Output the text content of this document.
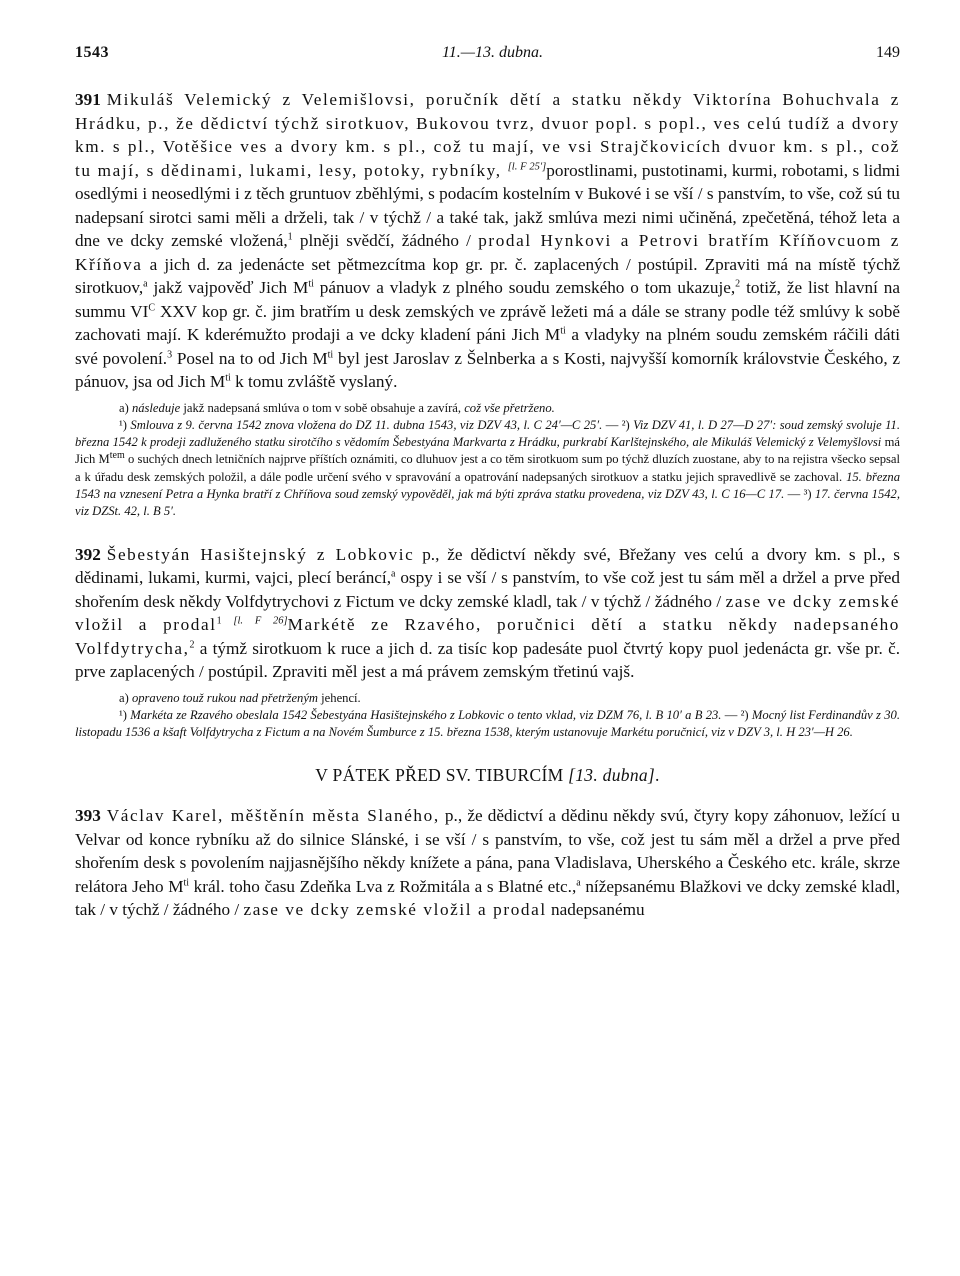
1543	11.—13. dubna.	149

391 Mikuláš Velemický z Velemišlovsi, poručník dětí a statku někdy Viktorína Bohuchvala z Hrádku, p., že dědictví týchž sirotkuov, Bukovou tvrz, dvuor popl. s popl., ves celú tudíž a dvory km. s pl., Votěšice ves a dvory km. s pl., což tu mají, ve vsi Strajčkovicích dvuor km. s pl., což tu mají, s dědinami, lukami, lesy, potoky, rybníky, [l. F 25′]porostlinami, pustotinami, kurmi, robotami, s lidmi osedlými i neosedlými i z těch gruntuov zběhlými, s podacím kostelním v Bukové i se vší / s panstvím, to vše, což sú tu nadepsaní sirotci sami měli a drželi, tak / v týchž / a také tak, jakž smlúva mezi nimi učiněná, zpečetěná, téhož leta a dne ve dcky zemské vložená,$^1$ plněji svědčí, žádného / prodal Hynkovi a Petrovi bratřím Kříňovcuom z Kříňova a jich d. za jedenácte set pětmezcítma kop gr. pr. č. zaplacených / postúpil. Zpraviti má na místě týchž sirotkuov,$^a$ jakž vajpověď Jich $M^{ti}$ pánuov a vladyk z plného soudu zemského o tom ukazuje,$^2$ totiž, že list hlavní na summu $VI^C$ XXV kop gr. č. jim bratřím u desk zemských ve zprávě ležeti má a dále se strany podle též smlúvy k sobě zachovati mají. K kderémužto prodaji a ve dcky kladení páni Jich $M^{ti}$ a vladyky na plném soudu zemském ráčili dáti své povolení.$^3$ Posel na to od Jich $M^{ti}$ byl jest Jaroslav z Šelnberka a s Kosti, najvyšší komorník královstvie Českého, z pánuov, jsa od Jich $M^{ti}$ k tomu zvláště vyslaný.

a) následuje jakž nadepsaná smlúva o tom v sobě obsahuje a zavírá, což vše přetrženo.

¹) Smlouva z 9. června 1542 znova vložena do DZ 11. dubna 1543, viz DZV 43, l. C 24′—C 25′. — ²) Viz DZV 41, l. D 27—D 27′: soud zemský svoluje 11. března 1542 k prodeji zadluženého statku sirotčího s vědomím Šebestyána Markvarta z Hrádku, purkrabí Karlštejnského, ale Mikuláš Velemický z Velemyšlovsi má Jich $M^{tem}$ o suchých dnech letničních najprve příštích oznámiti, co dluhuov jest a co těm sirotkuom sum po týchž dluzích zuostane, aby to na rejistra všecko sepsal a k úřadu desk zemských položil, a dále podle určení svého v spravování a opatrování nadepsaných sirotkuov a statku jejich spravedlivě se zachoval. 15. března 1543 na vznesení Petra a Hynka bratří z Chříňova soud zemský vypověděl, jak má býti zpráva statku provedena, viz DZV 43, l. C 16—C 17. — ³) 17. června 1542, viz DZSt. 42, l. B 5′.

392 Šebestyán Hasištejnský z Lobkovic p., že dědictví někdy své, Břežany ves celú a dvory km. s pl., s dědinami, lukami, kurmi, vajci, plecí beráncí,$^a$ ospy i se vší / s panstvím, to vše což jest tu sám měl a držel a prve před shořením desk někdy Volfdytrychovi z Fictum ve dcky zemské kladl, tak / v týchž / žádného / zase ve dcky zemské vložil a prodal$^1$ [l. F 26]Markétě ze Rzavého, poručnici dětí a statku někdy nadepsaného Volfdytrycha,$^2$ a týmž sirotkuom k ruce a jich d. za tisíc kop padesáte puol čtvrtý kopy puol jedenácta gr. vše pr. č. prve zaplacených / postúpil. Zpraviti měl jest a má právem zemským třetinú vajš.

a) opraveno touž rukou nad přetrženým jehencí.

¹) Markéta ze Rzavého obeslala 1542 Šebestyána Hasištejnského z Lobkovic o tento vklad, viz DZM 76, l. B 10′ a B 23. — ²) Mocný list Ferdinandův z 30. listopadu 1536 a kšaft Volfdytrycha z Fictum a na Novém Šumburce z 15. března 1538, kterým ustanovuje Markétu poručnicí, viz v DZV 3, l. H 23′—H 26.

V PÁTEK PŘED SV. TIBURCÍM [13. dubna].

393 Václav Karel, měštěnín města Slaného, p., že dědictví a dědinu někdy svú, čtyry kopy záhonuov, ležící u Velvar od konce rybníku až do silnice Slánské, i se vší / s panstvím, to vše, což jest tu sám měl a držel a prve před shořením desk s povolením najjasnějšího někdy knížete a pána, pana Vladislava, Uherského a Českého etc. krále, skrze relátora Jeho $M^{ti}$ král. toho času Zdeňka Lva z Rožmitála a s Blatné etc.,$^a$ nížepsanému Blažkovi ve dcky zemské kladl, tak / v týchž / žádného / zase ve dcky zemské vložil a prodal nadepsanému
